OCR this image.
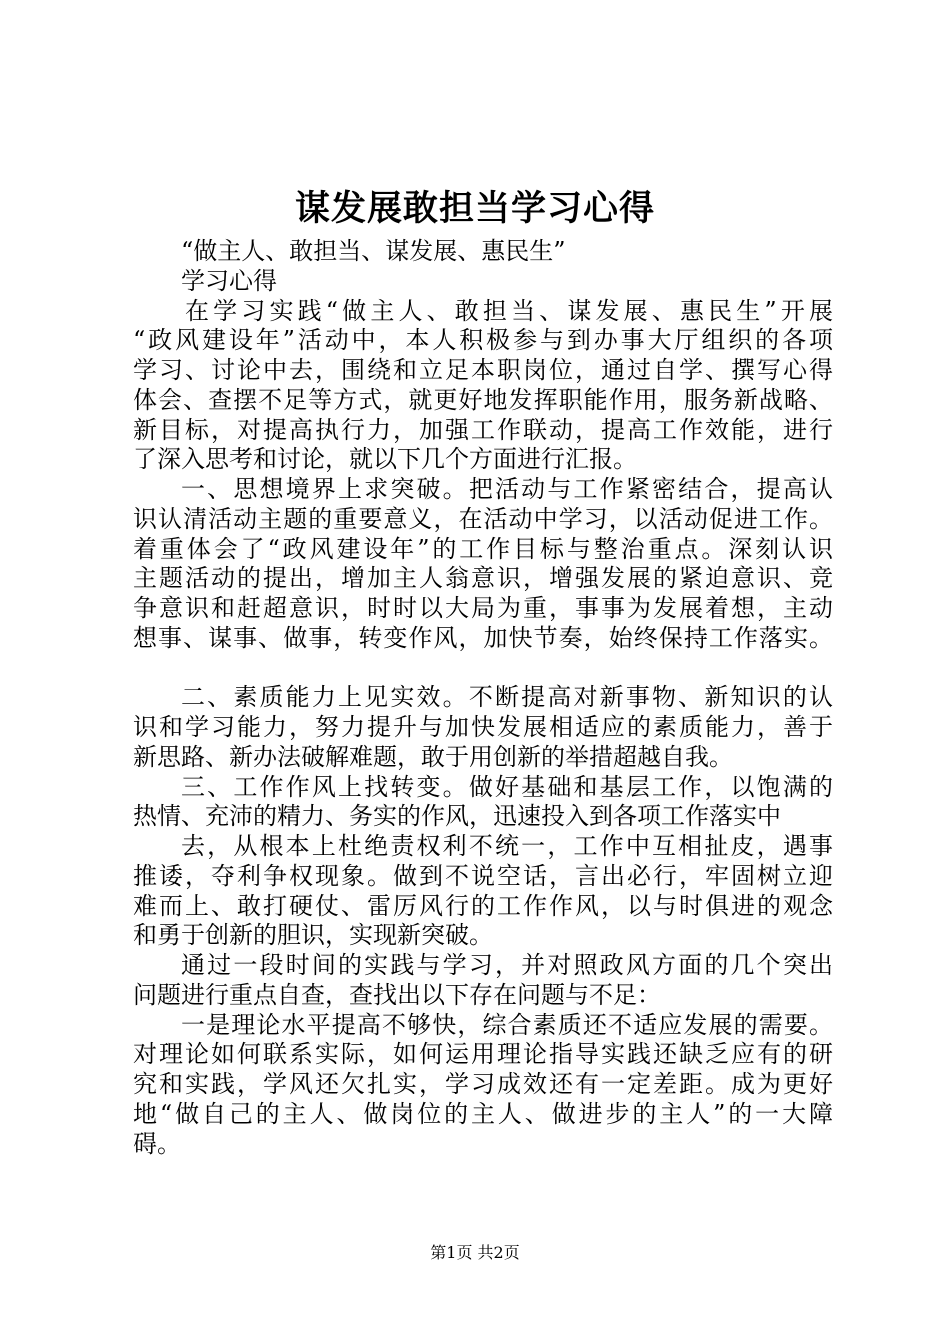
谋发展敢担当学习心得
“做主人、敢担当、谋发展、惠民生”
学习心得
在学习实践“做主人、敢担当、谋发展、惠民生”开展
“政风建设年”活动中，本人积极参与到办事大厅组织的各项
学习、讨论中去，围绕和立足本职岗位，通过自学、撰写心得
体会、查摆不足等方式，就更好地发挥职能作用，服务新战略、
新目标，对提高执行力，加强工作联动，提高工作效能，进行
了深入思考和讨论，就以下几个方面进行汇报。
一、思想境界上求突破。把活动与工作紧密结合，提高认
识认清活动主题的重要意义，在活动中学习，以活动促进工作。
着重体会了“政风建设年”的工作目标与整治重点。深刻认识
主题活动的提出，增加主人翁意识，增强发展的紧迫意识、竞
争意识和赶超意识，时时以大局为重，事事为发展着想，主动
想事、谋事、做事，转变作风，加快节奏，始终保持工作落实。
二、素质能力上见实效。不断提高对新事物、新知识的认
识和学习能力，努力提升与加快发展相适应的素质能力，善于
新思路、新办法破解难题，敢于用创新的举措超越自我。
三、工作作风上找转变。做好基础和基层工作，以饱满的
热情、充沛的精力、务实的作风，迅速投入到各项工作落实中
去，从根本上杜绝责权利不统一，工作中互相扯皮，遇事
推诿，夺利争权现象。做到不说空话，言出必行，牢固树立迎
难而上、敢打硬仗、雷厉风行的工作作风，以与时俱进的观念
和勇于创新的胆识，实现新突破。
通过一段时间的实践与学习，并对照政风方面的几个突出
问题进行重点自查，查找出以下存在问题与不足：
一是理论水平提高不够快，综合素质还不适应发展的需要。
对理论如何联系实际，如何运用理论指导实践还缺乏应有的研
究和实践，学风还欠扎实，学习成效还有一定差距。成为更好
地“做自己的主人、做岗位的主人、做进步的主人”的一大障
碍。
第1页 共2页
